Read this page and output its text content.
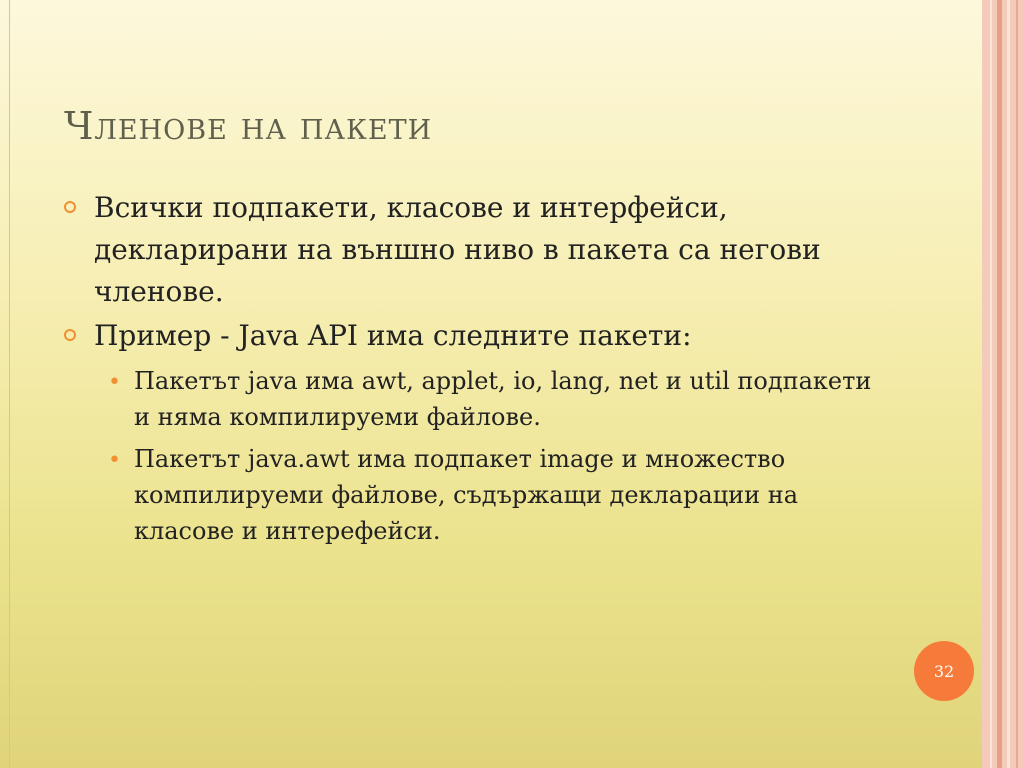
Членове на пакети
Всички подпакети, класове и интерфейси, декларирани на външно ниво в пакета са негови членове.
Пример - Java API има следните пакети:
• Пакетът java има awt, applet, io, lang, net и util подпакети и няма компилируеми файлове.
• Пакетът java.awt има подпакет image и множество компилируеми файлове, съдържащи декларации на класове и интерефейси.
32
